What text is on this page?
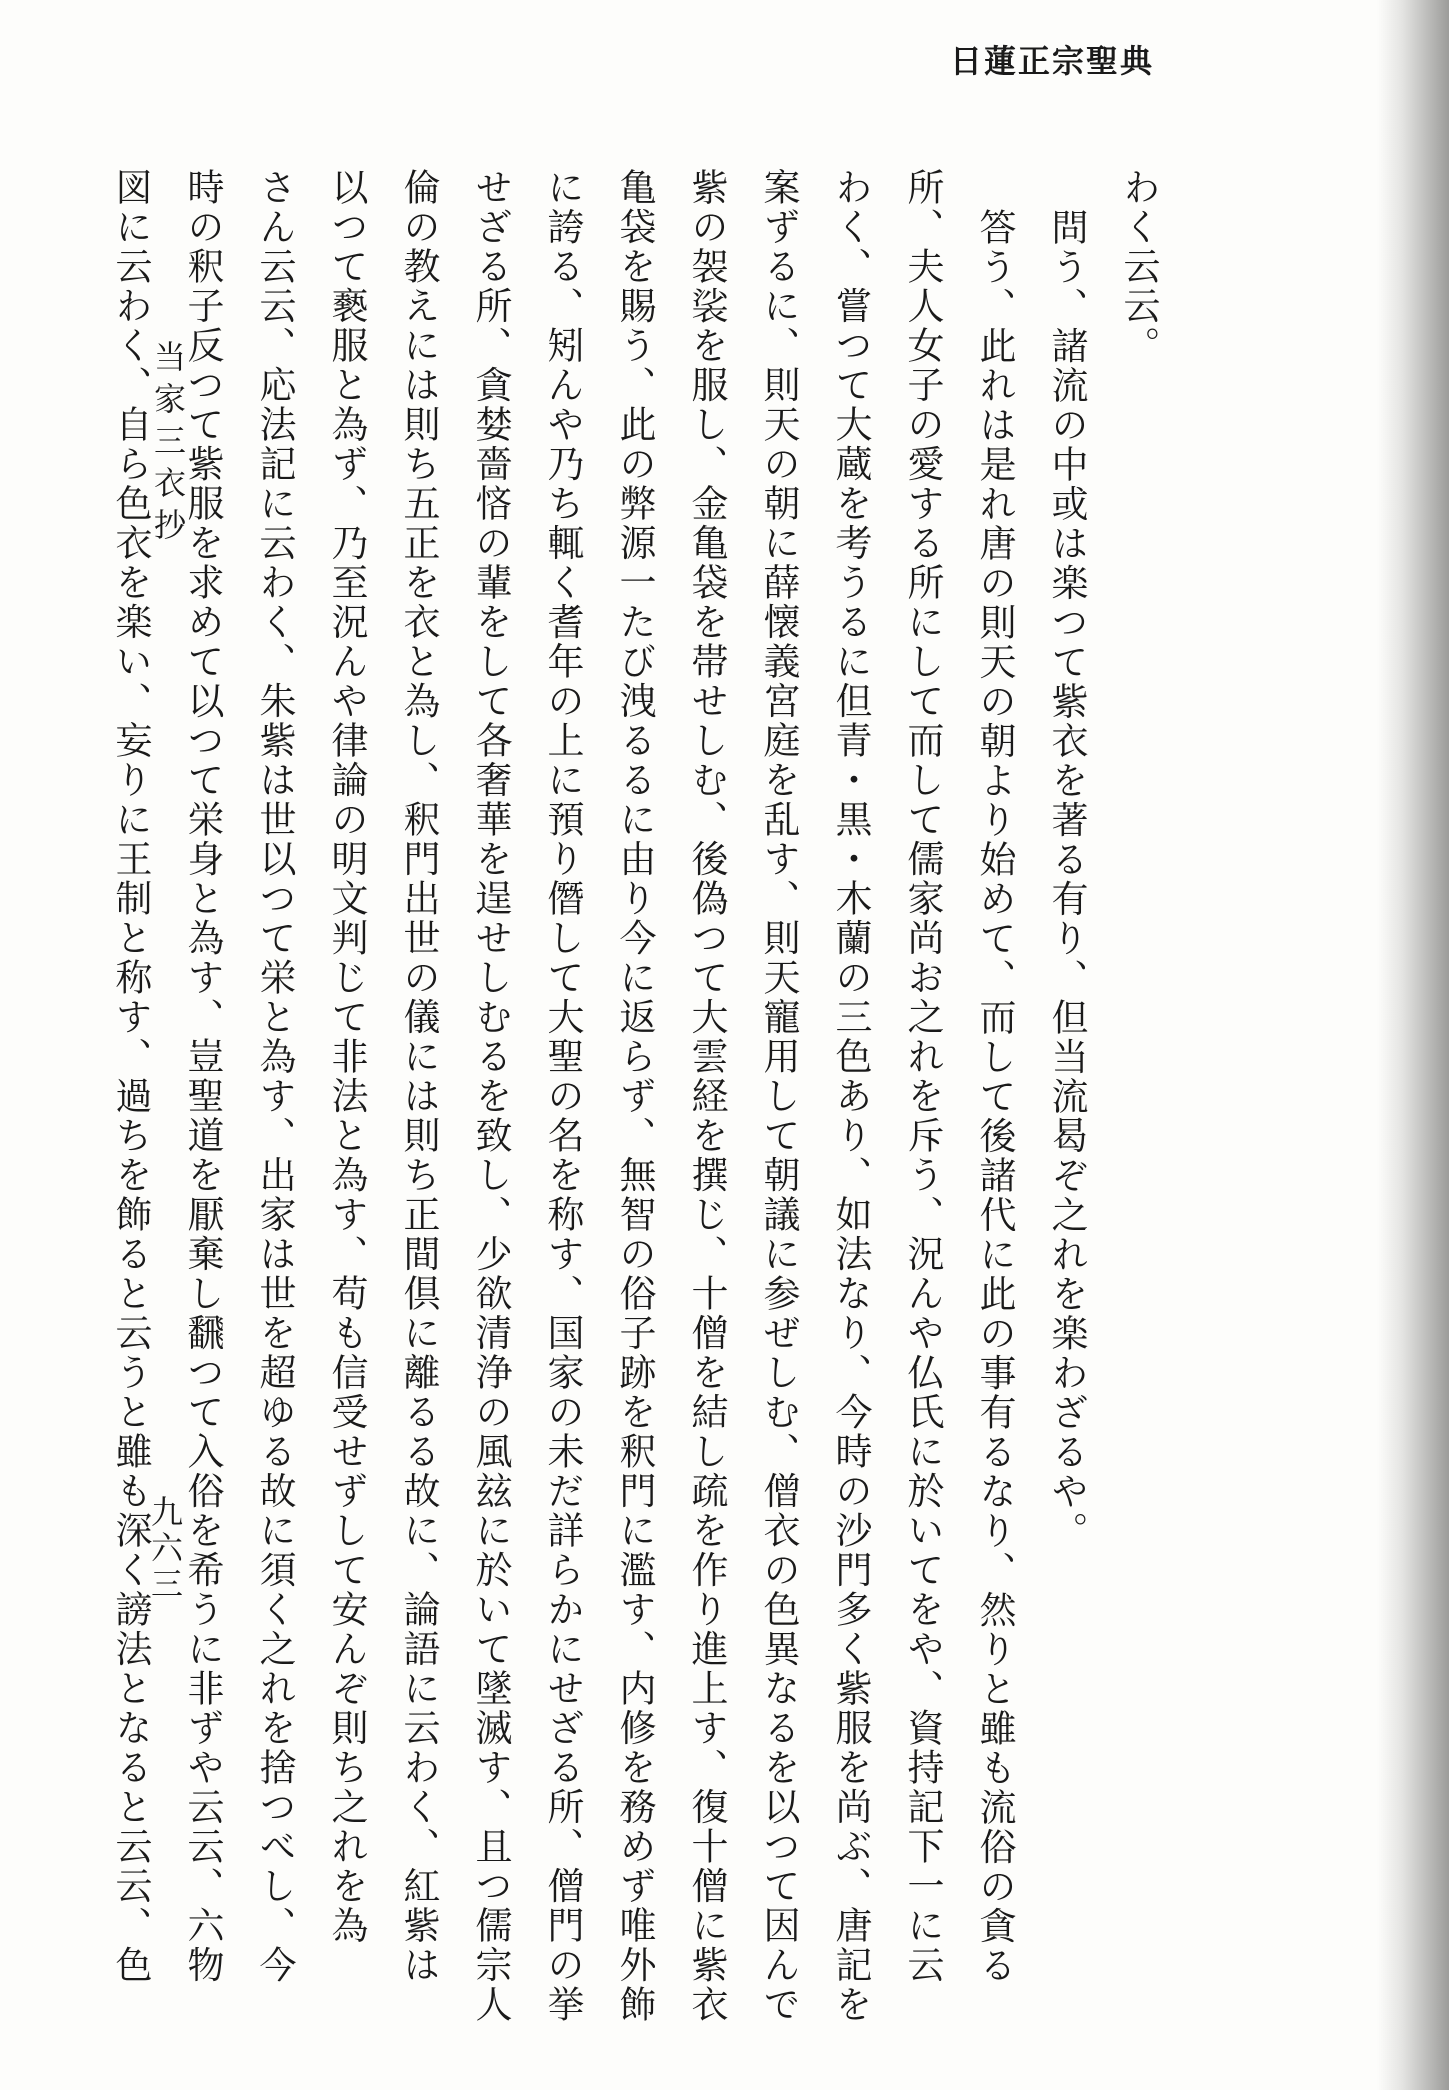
日蓮正宗聖典
わく云云。
問う、諸流の中或は楽つて紫衣を著る有り、但当流曷ぞ之れを楽わざるや。
答う、此れは是れ唐の則天の朝より始めて、而して後諸代に此の事有るなり、然りと雖も流俗の貪る
所、夫人女子の愛する所にして而して儒家尚お之れを斥う、況んや仏氏に於いてをや、資持記下一に云
わく、嘗つて大蔵を考うるに但青・黒・木蘭の三色あり、如法なり、今時の沙門多く紫服を尚ぶ、唐記を
案ずるに、則天の朝に薛懐義宮庭を乱す、則天寵用して朝議に参ぜしむ、僧衣の色異なるを以つて因んで
紫の袈裟を服し、金亀袋を帯せしむ、後偽つて大雲経を撰じ、十僧を結し疏を作り進上す、復十僧に紫衣
亀袋を賜う、此の弊源一たび洩るるに由り今に返らず、無智の俗子跡を釈門に濫す、内修を務めず唯外飾
に誇る、矧んや乃ち輒く耆年の上に預り僭して大聖の名を称す、国家の未だ詳らかにせざる所、僧門の挙
せざる所、貪婪嗇悋の輩をして各奢華を逞せしむるを致し、少欲清浄の風玆に於いて墜滅す、且つ儒宗人
倫の教えには則ち五正を衣と為し、釈門出世の儀には則ち正間倶に離るる故に、論語に云わく、紅紫は
以つて褻服と為ず、乃至況んや律論の明文判じて非法と為す、苟も信受せずして安んぞ則ち之れを為
さん云云、応法記に云わく、朱紫は世以つて栄と為す、出家は世を超ゆる故に須く之れを捨つべし、今
時の釈子反つて紫服を求めて以つて栄身と為す、豈聖道を厭棄し飜つて入俗を希うに非ずや云云、六物
図に云わく、自ら色衣を楽い、妄りに王制と称す、過ちを飾ると云うと雖も深く謗法となると云云、色
当家三衣抄
九六三
